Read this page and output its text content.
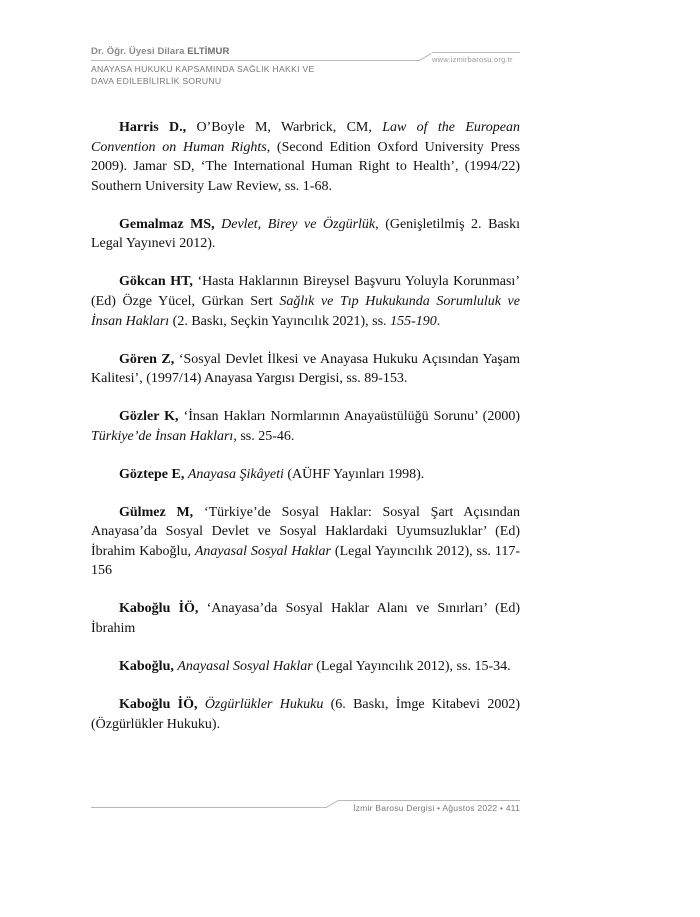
Dr. Öğr. Üyesi Dilara ELTİMUR
www.izmirbarosu.org.tr
ANAYASA HUKUKU KAPSAMINDA SAĞLIK HAKKI VE
DAVA EDİLEBİLİRLİK SORUNU

Harris D., O’Boyle M, Warbrick, CM, Law of the European Convention on Human Rights, (Second Edition Oxford University Press 2009). Jamar SD, ‘The International Human Right to Health’, (1994/22) Southern University Law Review, ss. 1-68.

Gemalmaz MS, Devlet, Birey ve Özgürlük, (Genişletilmiş 2. Baskı Legal Yayınevi 2012).

Gökcan HT, ‘Hasta Haklarının Bireysel Başvuru Yoluyla Korunması’ (Ed) Özge Yücel, Gürkan Sert Sağlık ve Tıp Hukukunda Sorumluluk ve İnsan Hakları (2. Baskı, Seçkin Yayıncılık 2021), ss. 155-190.

Gören Z, ‘Sosyal Devlet İlkesi ve Anayasa Hukuku Açısından Yaşam Kalitesi’, (1997/14) Anayasa Yargısı Dergisi, ss. 89-153.

Gözler K, ‘İnsan Hakları Normlarının Anayaüstülüğü Sorunu’ (2000) Türkiye’de İnsan Hakları, ss. 25-46.

Göztepe E, Anayasa Şikâyeti (AÜHF Yayınları 1998).

Gülmez M, ‘Türkiye’de Sosyal Haklar: Sosyal Şart Açısından Anayasa’da Sosyal Devlet ve Sosyal Haklardaki Uyumsuzluklar’ (Ed) İbrahim Kaboğlu, Anayasal Sosyal Haklar (Legal Yayıncılık 2012), ss. 117-156

Kaboğlu İÖ, ‘Anayasa’da Sosyal Haklar Alanı ve Sınırları’ (Ed) İbrahim

Kaboğlu, Anayasal Sosyal Haklar (Legal Yayıncılık 2012), ss. 15-34.

Kaboğlu İÖ, Özgürlükler Hukuku (6. Baskı, İmge Kitabevi 2002) (Özgürlükler Hukuku).

İzmir Barosu Dergisi • Ağustos 2022 • 411
